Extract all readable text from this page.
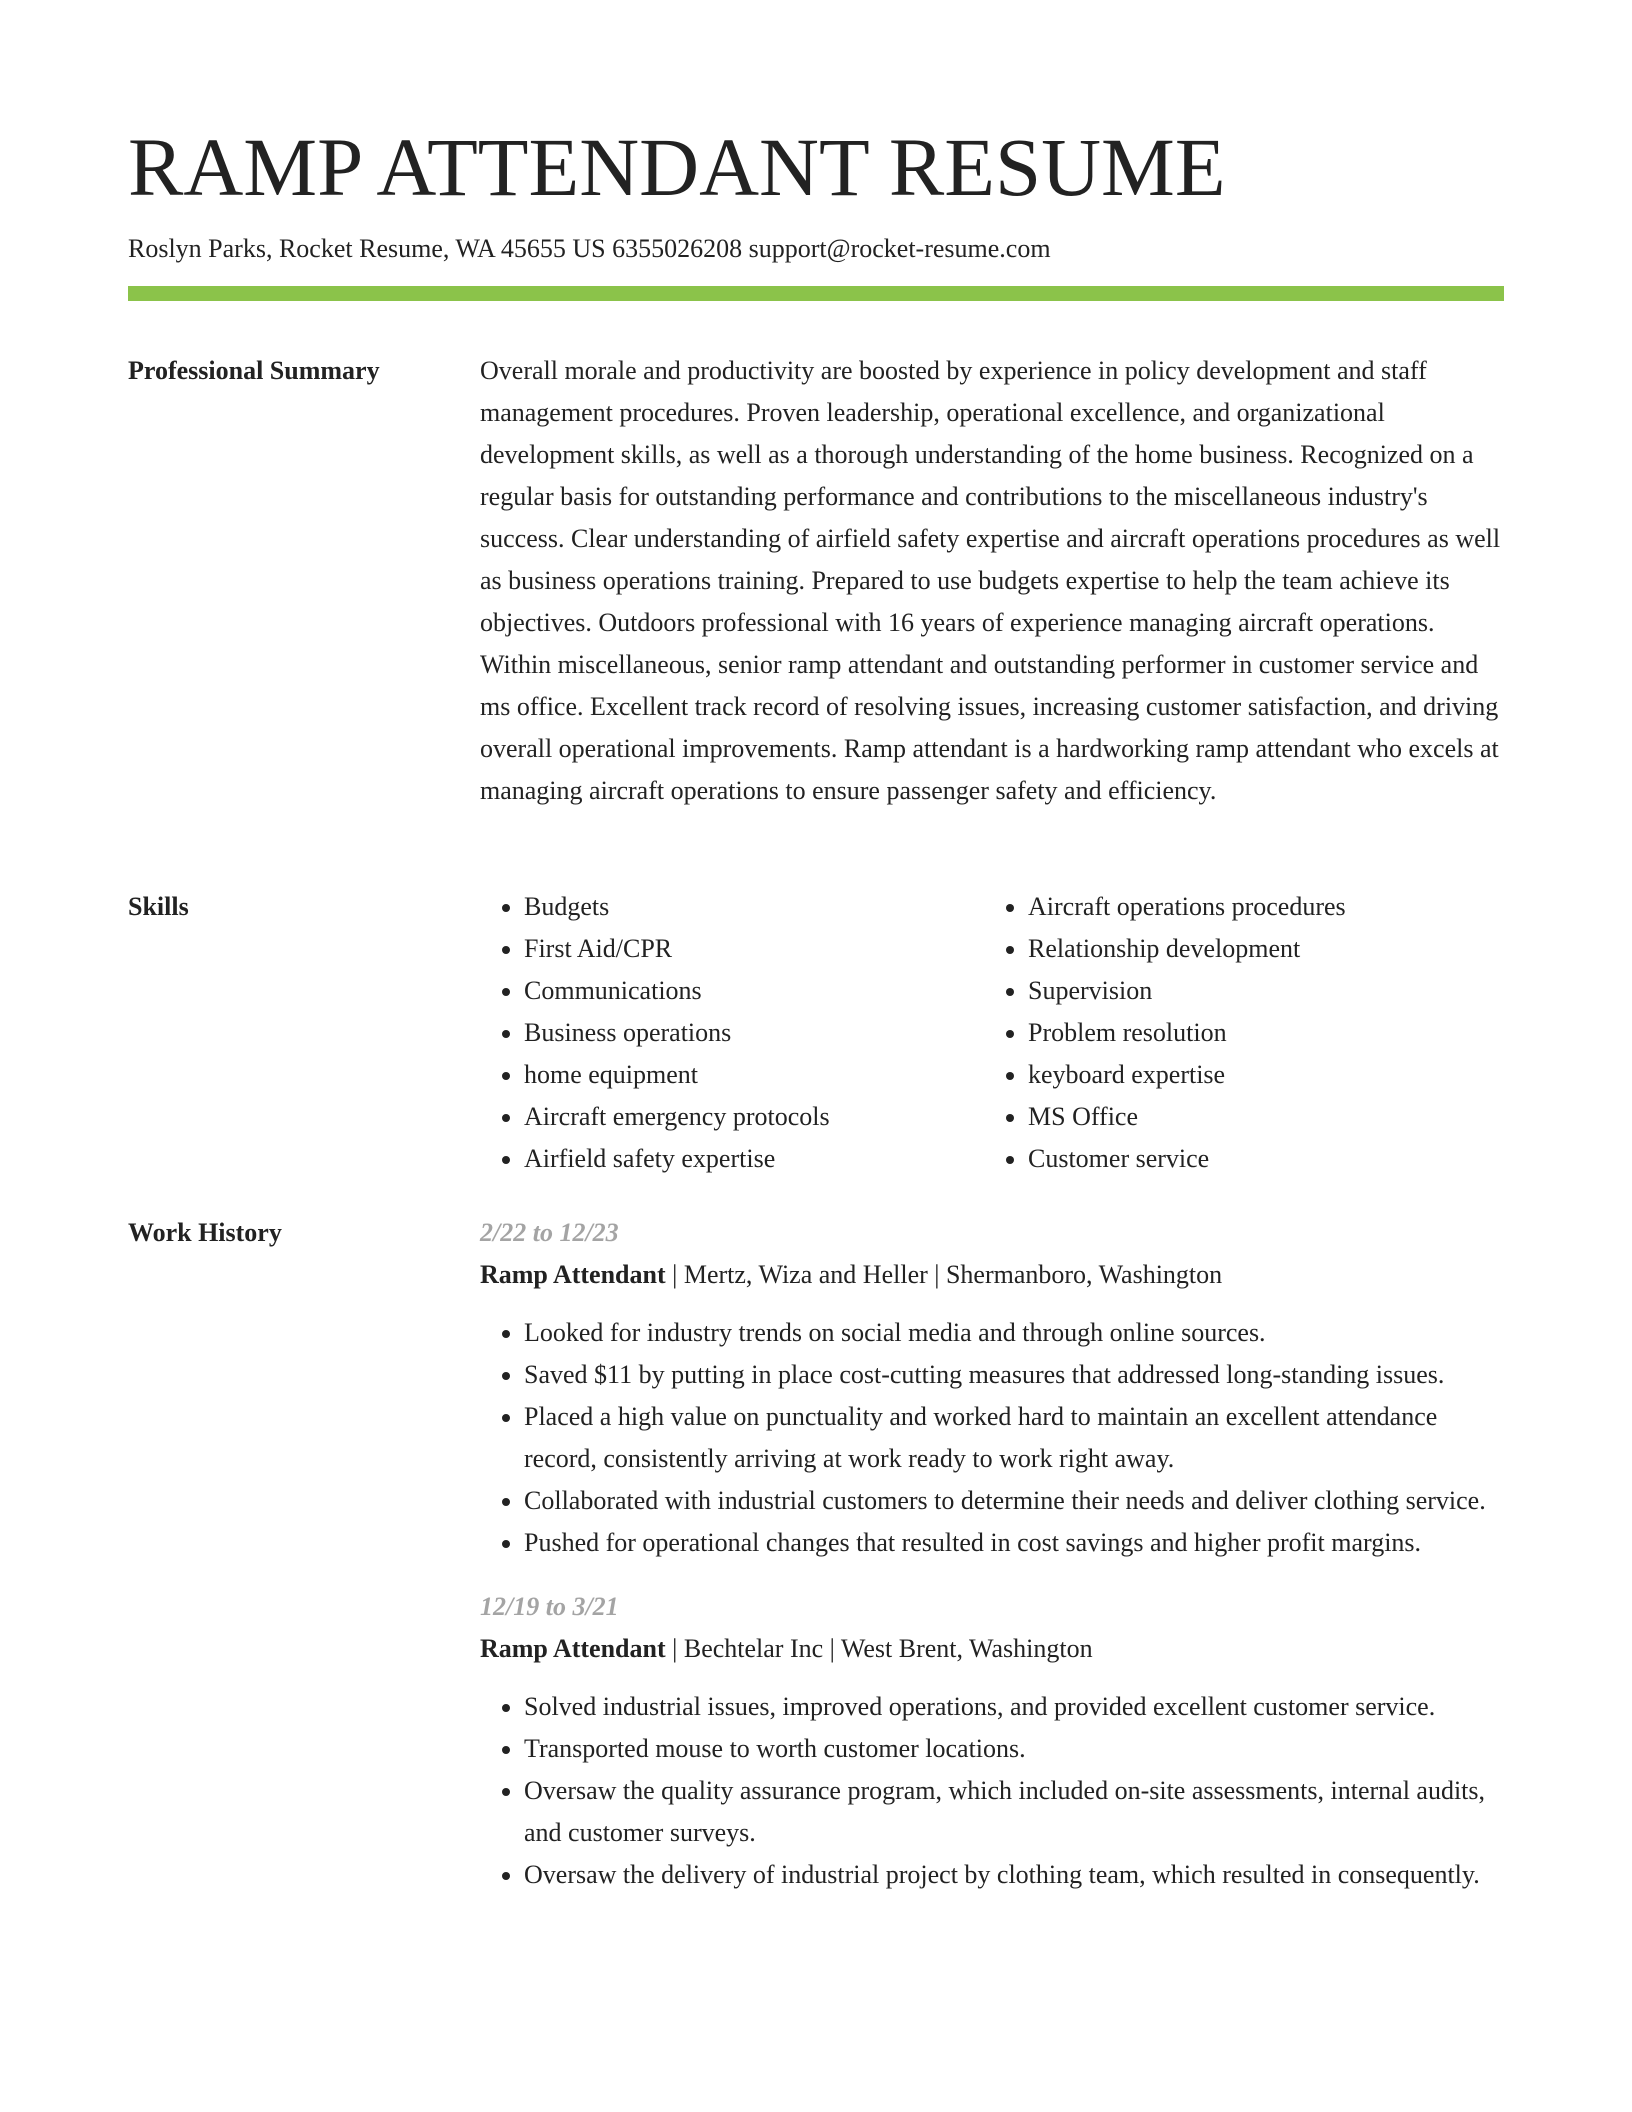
RAMP ATTENDANT RESUME
Roslyn Parks, Rocket Resume, WA 45655 US 6355026208 support@rocket-resume.com
Professional Summary	Overall morale and productivity are boosted by experience in policy development and staff management procedures. Proven leadership, operational excellence, and organizational development skills, as well as a thorough understanding of the home business. Recognized on a regular basis for outstanding performance and contributions to the miscellaneous industry's success. Clear understanding of airfield safety expertise and aircraft operations procedures as well as business operations training. Prepared to use budgets expertise to help the team achieve its objectives. Outdoors professional with 16 years of experience managing aircraft operations. Within miscellaneous, senior ramp attendant and outstanding performer in customer service and ms office. Excellent track record of resolving issues, increasing customer satisfaction, and driving overall operational improvements. Ramp attendant is a hardworking ramp attendant who excels at managing aircraft operations to ensure passenger safety and efficiency.

Skills
•	Budgets
• First Aid/CPR
• Communications
• Business operations
• home equipment
• Aircraft emergency protocols
• Airfield safety expertise
• Aircraft operations procedures
• Relationship development
• Supervision
• Problem resolution
• keyboard expertise
• MS Office
• Customer service
Work History	2/22 to 12/23
Ramp Attendant | Mertz, Wiza and Heller | Shermanboro, Washington
• Looked for industry trends on social media and through online sources.
• Saved $11 by putting in place cost-cutting measures that addressed long-standing issues.
• Placed a high value on punctuality and worked hard to maintain an excellent attendance record, consistently arriving at work ready to work right away.
• Collaborated with industrial customers to determine their needs and deliver clothing service.
• Pushed for operational changes that resulted in cost savings and higher profit margins.
12/19 to 3/21
Ramp Attendant | Bechtelar Inc | West Brent, Washington
• Solved industrial issues, improved operations, and provided excellent customer service.
• Transported mouse to worth customer locations.
• Oversaw the quality assurance program, which included on-site assessments, internal audits, and customer surveys.
• Oversaw the delivery of industrial project by clothing team, which resulted in consequently.
